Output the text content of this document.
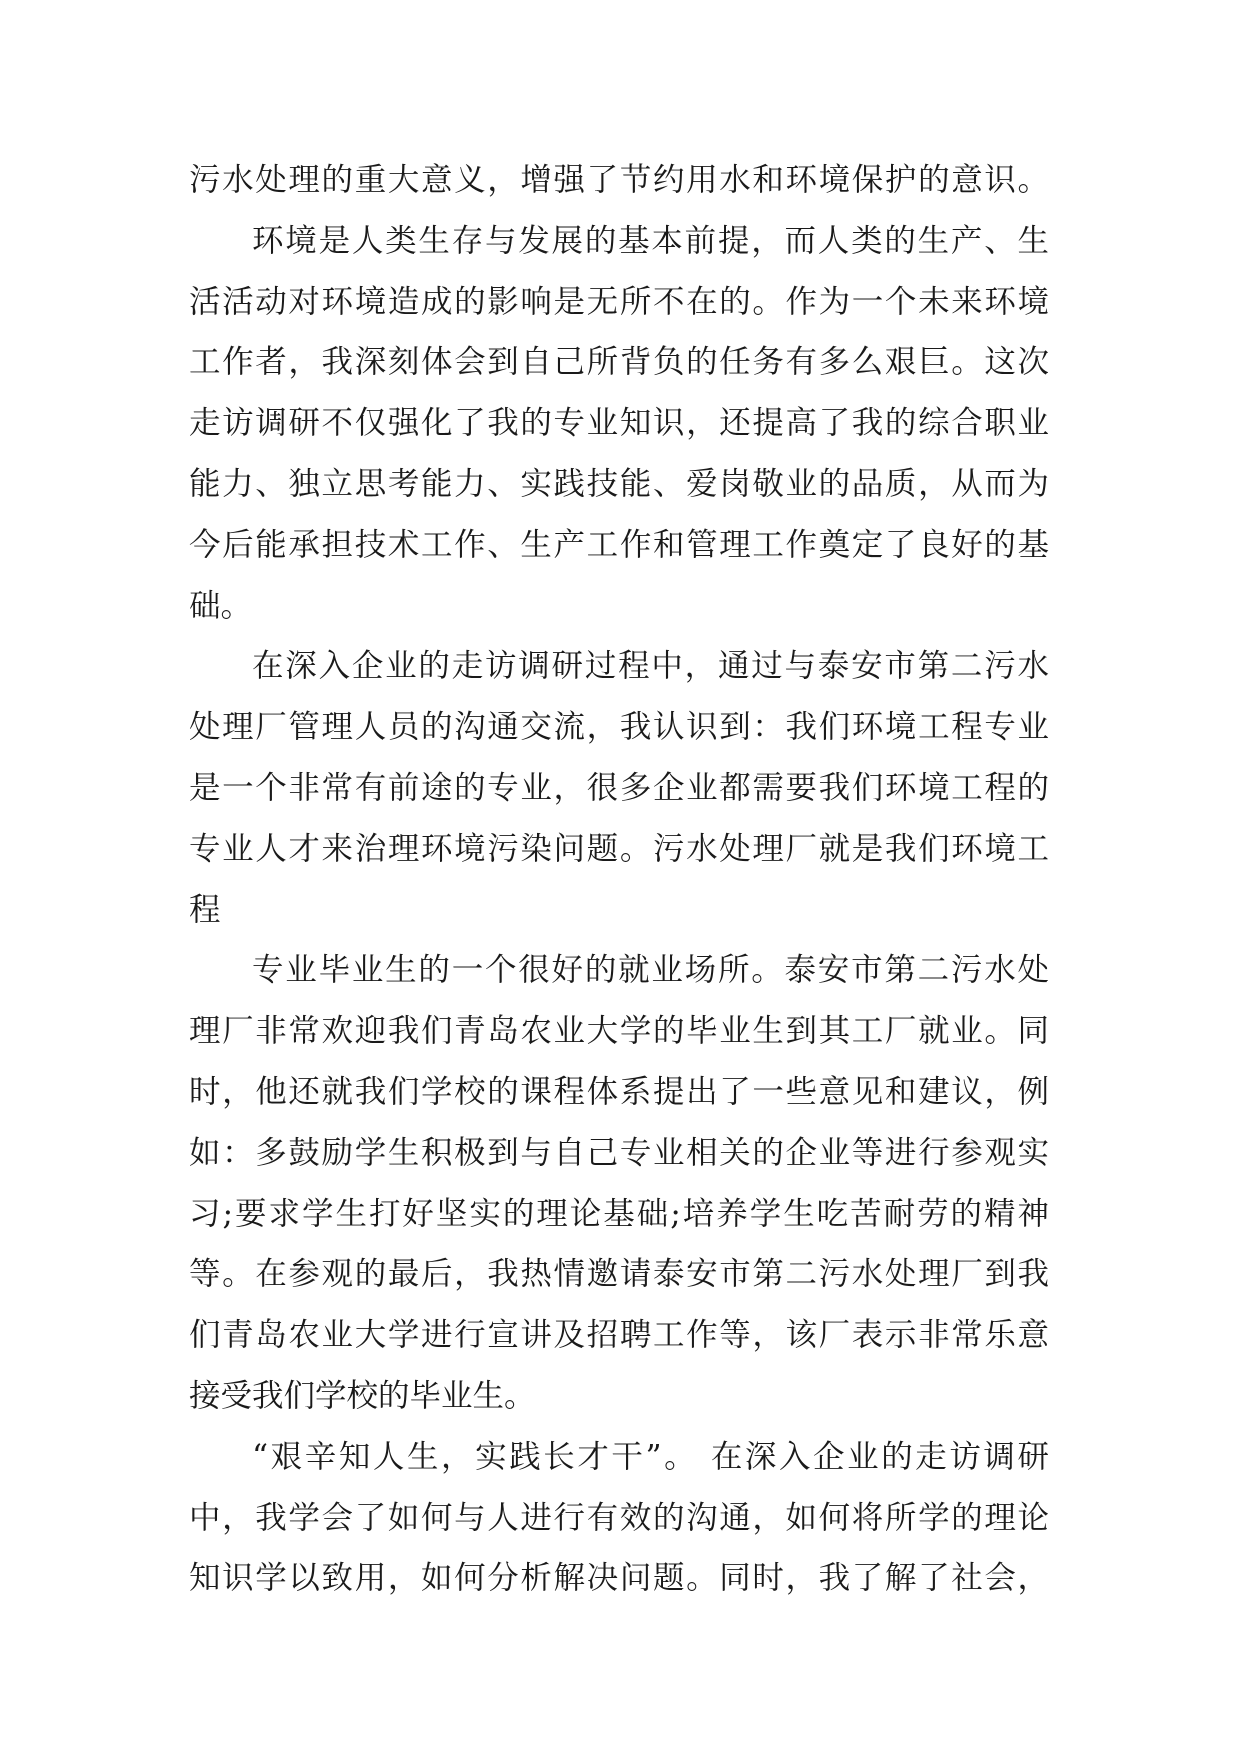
污水处理的重大意义，增强了节约用水和环境保护的意识。
环境是人类生存与发展的基本前提，而人类的生产、生
活活动对环境造成的影响是无所不在的。作为一个未来环境
工作者，我深刻体会到自己所背负的任务有多么艰巨。这次
走访调研不仅强化了我的专业知识，还提高了我的综合职业
能力、独立思考能力、实践技能、爱岗敬业的品质，从而为
今后能承担技术工作、生产工作和管理工作奠定了良好的基
础。
在深入企业的走访调研过程中，通过与泰安市第二污水
处理厂管理人员的沟通交流，我认识到：我们环境工程专业
是一个非常有前途的专业，很多企业都需要我们环境工程的
专业人才来治理环境污染问题。污水处理厂就是我们环境工
程
专业毕业生的一个很好的就业场所。泰安市第二污水处
理厂非常欢迎我们青岛农业大学的毕业生到其工厂就业。同
时，他还就我们学校的课程体系提出了一些意见和建议，例
如：多鼓励学生积极到与自己专业相关的企业等进行参观实
习;要求学生打好坚实的理论基础;培养学生吃苦耐劳的精神
等。在参观的最后，我热情邀请泰安市第二污水处理厂到我
们青岛农业大学进行宣讲及招聘工作等，该厂表示非常乐意
接受我们学校的毕业生。
“艰辛知人生，实践长才干”。 在深入企业的走访调研
中，我学会了如何与人进行有效的沟通，如何将所学的理论
知识学以致用，如何分析解决问题。同时，我了解了社会，
